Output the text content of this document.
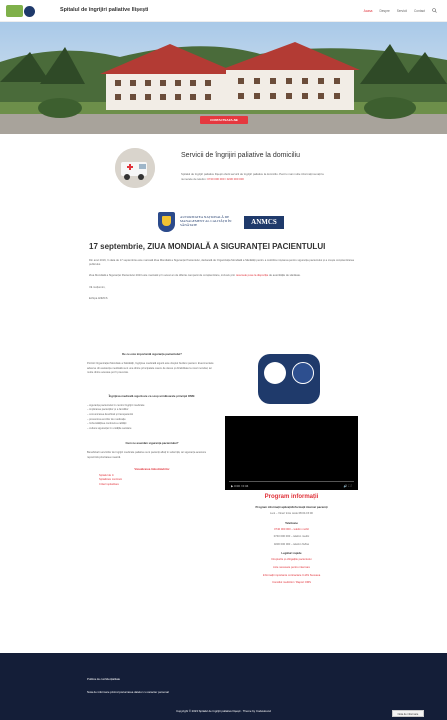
Spitalul de îngrijiri paliative Ilișești	Acasa Despre Servicii Contact
CONTACTEAZA-NE
Servicii de îngrijiri paliative la domiciliu

Spitalul de îngrijiri paliative Ilișești oferă servicii de îngrijiri paliative la domiciliu. Pentru mai multe informații sunați la numerele de telefon: 0740 000 000 / 0230 000 000

AUTORITATEA NAȚIONALĂ DE MANAGEMENT AL CALITĂȚII ÎN SĂNĂTATE	ANMCS
17 septembrie, ZIUA MONDIALĂ A SIGURANȚEI PACIENTULUI

Din anul 2019, în data de 17 septembrie este marcată Ziua Mondială a Siguranței Pacientului, declarată de Organizația Mondială a Sănătății pentru a mobiliza mișcarea pentru siguranța pacientului și a crește conștientizarea publicului.

Ziua Mondială a Siguranței Pacientului 2023 este marcată și în acest an de diferite campanii de conștientizare, inclusiv prin resursele puse la dispoziție de autoritățile de sănătate.

Vă mulțumim,

Echipa ANMCS

De ce este importantă siguranța pacientului?

Potrivit Organizației Mondiale a Sănătății, îngrijirea medicală sigură este dreptul fiecărui pacient. Evenimentele adverse din asistența medicală sunt una dintre principalele cauze de deces și dizabilitate la nivel mondial, iar multe dintre acestea pot fi prevenite.

Îngrijirea medicală sigură are ca scop următoarele principii OMS:
– siguranța pacientului în centrul îngrijirii medicale
– implicarea pacienților și a familiilor
– comunicarea deschisă și transparentă
– prevenirea erorilor de medicație
– îmbunătățirea continuă a calității
– cultura siguranței în unitățile sanitare
Cum ne asumăm siguranța pacientului?

Beneficiarii serviciilor de îngrijiri medicale paliative sunt pacienți aflați în suferință, iar siguranța acestora reprezintă prioritatea noastră.

Vizualizarea îmbolnăvirilor
Spitalul de zi
Spitalizare continuă
Criterii spitalizare	▶ 0:00 / 0:34	🔊 ⛶ ⋮
Program informații
Program informații aplicații/informații interne/ pacienți

Luni – Vineri între orele 08:00-15:00

Telefoane

0740 000 000 – telefon mobil

0740 000 000 – telefon medic

0230 000 000 – telefon fix/fax

Legături rapide

Drepturile și obligațiile pacientului

Acte necesare pentru internare

Informații importante contractare CJAS Suceava

Consiliul medicilor / Raport OMS

Politica de confidențialitate
Nota de informare privind prelucrarea datelor cu caracter personal
Copyright © 2023 Spitalul de îngrijiri paliative Ilișești · Theme by CodeHound
Nota de informare
